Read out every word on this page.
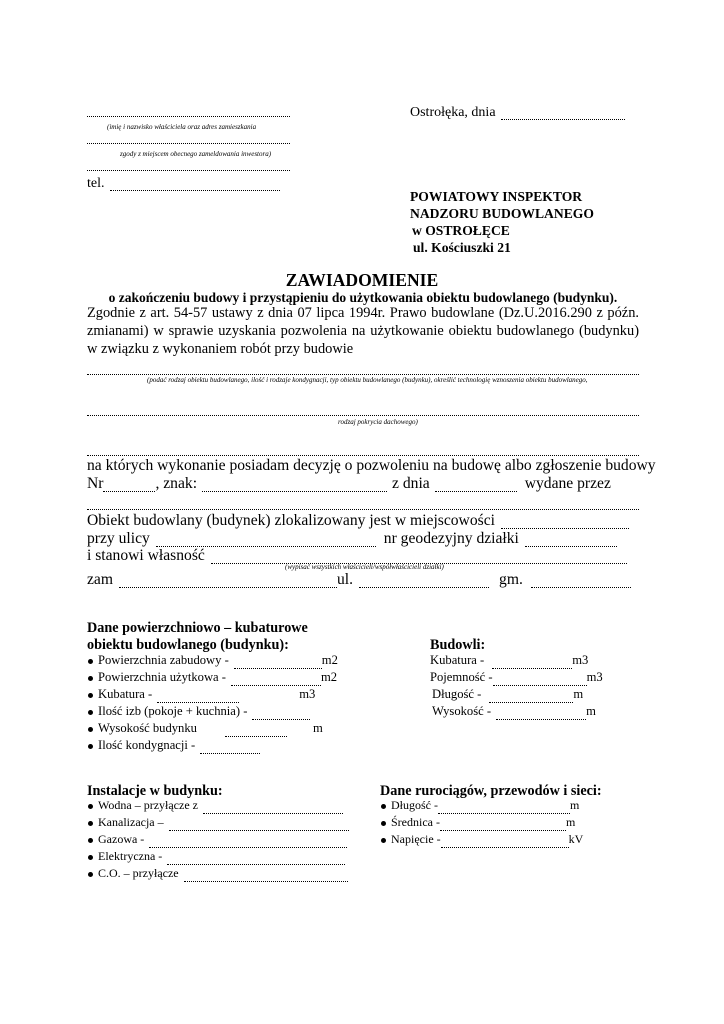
(imię i nazwisko właściciela oraz adres zamieszkania
zgody z miejscem obecnego zameldowania inwestora)
tel.
Ostrołęka, dnia
POWIATOWY INSPEKTOR
NADZORU BUDOWLANEGO
w OSTROŁĘCE
ul. Kościuszki 21
ZAWIADOMIENIE
o zakończeniu budowy i przystąpieniu do użytkowania obiektu budowlanego (budynku).
Zgodnie z art. 54-57 ustawy z dnia 07 lipca 1994r. Prawo budowlane (Dz.U.2016.290 z późn.
zmianami) w sprawie uzyskania pozwolenia na użytkowanie obiektu budowlanego (budynku)
w związku z wykonaniem robót przy budowie
(podać rodzaj obiektu budowlanego, ilość i rodzaje kondygnacji, typ obiektu budowlanego (budynku), określić technologię wznoszenia obiektu budowlanego,
rodzaj pokrycia dachowego)
na których wykonanie posiadam decyzję o pozwoleniu na budowę albo zgłoszenie budowy
Nr	, znak:	z dnia	wydane przez
Obiekt budowlany (budynek) zlokalizowany jest w miejscowości
przy ulicy	nr geodezyjny działki
i stanowi własność
(wypisać wszystkich właścicieli/współwłaścicieli działki)
zam	ul.	gm.
Dane powierzchniowo – kubaturowe
obiektu budowlanego (budynku):
Powierzchnia zabudowy -	m2
Powierzchnia użytkowa -	m2
Kubatura -	m3
Ilość izb (pokoje + kuchnia) -
Wysokość budynku	m
Ilość kondygnacji -
Budowli:
Kubatura -	m3
Pojemność -	m3
Długość -	m
Wysokość -	m
Instalacje w budynku:
Wodna – przyłącze z
Kanalizacja –
Gazowa -
Elektryczna -
C.O. – przyłącze
Dane rurociągów, przewodów i sieci:
Długość -	m
Średnica -	m
Napięcie -	kV
